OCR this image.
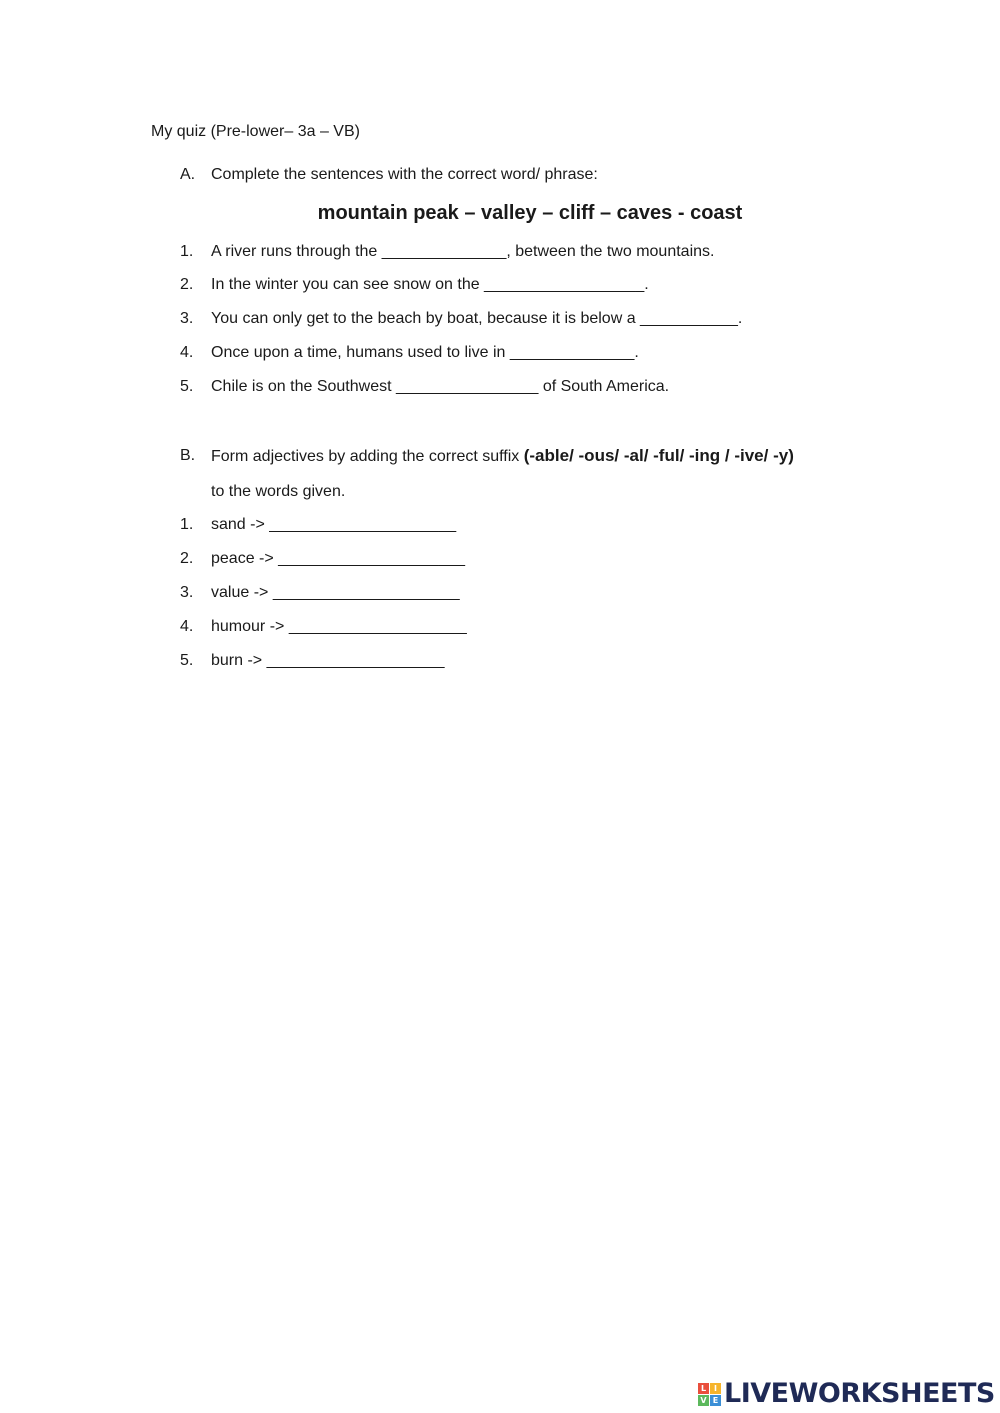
My quiz (Pre-lower– 3a – VB)
A. Complete the sentences with the correct word/ phrase:
mountain peak – valley – cliff – caves - coast
1. A river runs through the ______________, between the two mountains.
2. In the winter you can see snow on the __________________.
3. You can only get to the beach by boat, because it is below a ___________.
4. Once upon a time, humans used to live in ______________.
5. Chile is on the Southwest ________________ of South America.
B. Form adjectives by adding the correct suffix (-able/ -ous/ -al/ -ful/ -ing / -ive/ -y)
to the words given.
1. sand -> _____________________
2. peace -> _____________________
3. value -> _____________________
4. humour -> ____________________
5. burn -> ____________________
L I
V E LIVEWORKSHEETS
